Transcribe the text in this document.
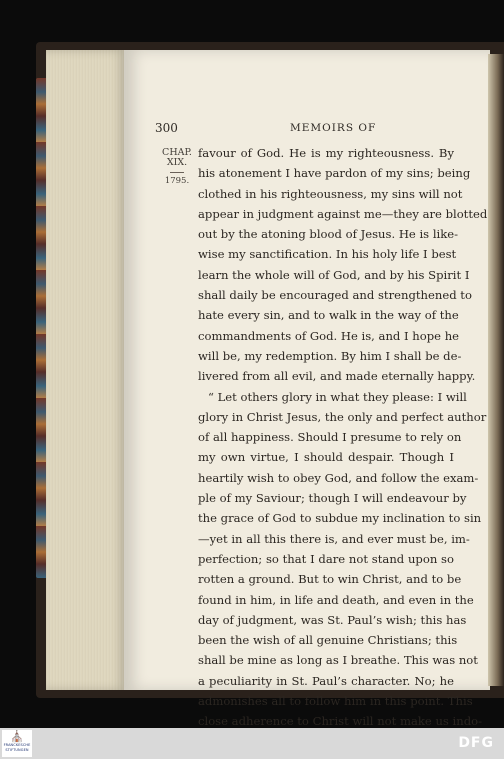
300	MEMOIRS OF
CHAP.
XIX.
1795.
favour of God. He is my righteousness. By
his atonement I have pardon of my sins; being
clothed in his righteousness, my sins will not
appear in judgment against me—they are blotted
out by the atoning blood of Jesus. He is like-
wise my sanctification. In his holy life I best
learn the whole will of God, and by his Spirit I
shall daily be encouraged and strengthened to
hate every sin, and to walk in the way of the
commandments of God. He is, and I hope he
will be, my redemption. By him I shall be de-
livered from all evil, and made eternally happy.
“ Let others glory in what they please: I will
glory in Christ Jesus, the only and perfect author
of all happiness. Should I presume to rely on
my own virtue, I should despair. Though I
heartily wish to obey God, and follow the exam-
ple of my Saviour; though I will endeavour by
the grace of God to subdue my inclination to sin
—yet in all this there is, and ever must be, im-
perfection; so that I dare not stand upon so
rotten a ground. But to win Christ, and to be
found in him, in life and death, and even in the
day of judgment, was St. Paul’s wish; this has
been the wish of all genuine Christians; this
shall be mine as long as I breathe. This was not
a peculiarity in St. Paul’s character. No; he
admonishes all to follow him in this point. This
close adherence to Christ will not make us indo-
⛪
FRANCKESCHE
STIFTUNGEN	DFG
